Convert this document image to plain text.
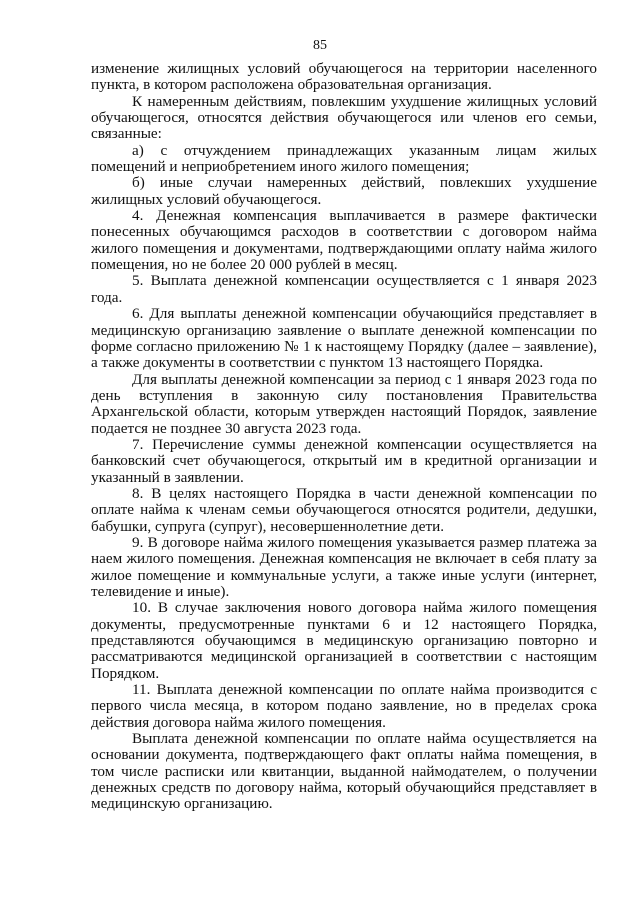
85

изменение жилищных условий обучающегося на территории населенного пункта, в котором расположена образовательная организация.

К намеренным действиям, повлекшим ухудшение жилищных условий обучающегося, относятся действия обучающегося или членов его семьи, связанные:

а) с отчуждением принадлежащих указанным лицам жилых помещений и неприобретением иного жилого помещения;

б) иные случаи намеренных действий, повлекших ухудшение жилищных условий обучающегося.

4. Денежная компенсация выплачивается в размере фактически понесенных обучающимся расходов в соответствии с договором найма жилого помещения и документами, подтверждающими оплату найма жилого помещения, но не более 20 000 рублей в месяц.

5. Выплата денежной компенсации осуществляется с 1 января 2023 года.

6. Для выплаты денежной компенсации обучающийся представляет в медицинскую организацию заявление о выплате денежной компенсации по форме согласно приложению № 1 к настоящему Порядку (далее – заявление), а также документы в соответствии с пунктом 13 настоящего Порядка.

Для выплаты денежной компенсации за период с 1 января 2023 года по день вступления в законную силу постановления Правительства Архангельской области, которым утвержден настоящий Порядок, заявление подается не позднее 30 августа 2023 года.

7. Перечисление суммы денежной компенсации осуществляется на банковский счет обучающегося, открытый им в кредитной организации и указанный в заявлении.

8. В целях настоящего Порядка в части денежной компенсации по оплате найма к членам семьи обучающегося относятся родители, дедушки, бабушки, супруга (супруг), несовершеннолетние дети.

9. В договоре найма жилого помещения указывается размер платежа за наем жилого помещения. Денежная компенсация не включает в себя плату за жилое помещение и коммунальные услуги, а также иные услуги (интернет, телевидение и иные).

10. В случае заключения нового договора найма жилого помещения документы, предусмотренные пунктами 6 и 12 настоящего Порядка, представляются обучающимся в медицинскую организацию повторно и рассматриваются медицинской организацией в соответствии с настоящим Порядком.

11. Выплата денежной компенсации по оплате найма производится с первого числа месяца, в котором подано заявление, но в пределах срока действия договора найма жилого помещения.

Выплата денежной компенсации по оплате найма осуществляется на основании документа, подтверждающего факт оплаты найма помещения, в том числе расписки или квитанции, выданной наймодателем, о получении денежных средств по договору найма, который обучающийся представляет в медицинскую организацию.
